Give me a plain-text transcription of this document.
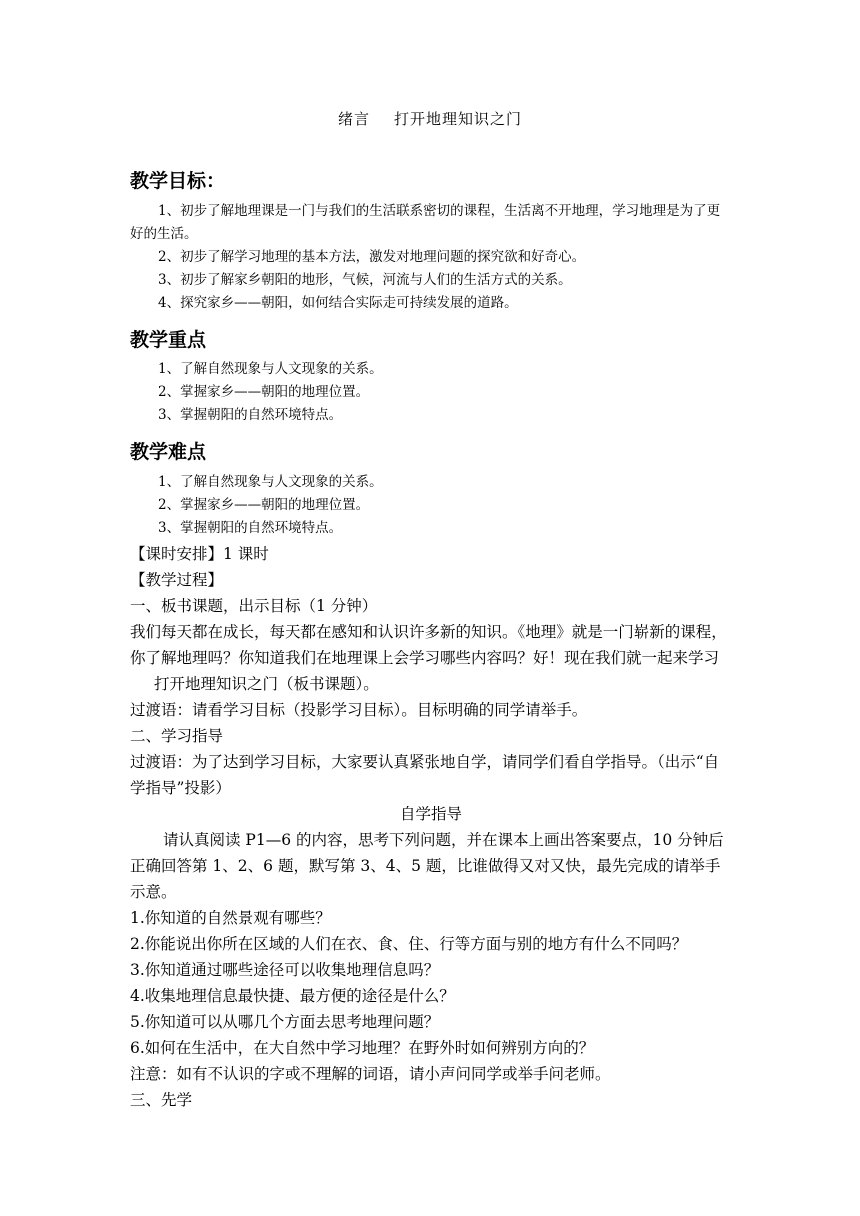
绪言 打开地理知识之门
教学目标：

1、初步了解地理课是一门与我们的生活联系密切的课程，生活离不开地理，学习地理是为了更好的生活。

2、初步了解学习地理的基本方法，激发对地理问题的探究欲和好奇心。

3、初步了解家乡朝阳的地形，气候，河流与人们的生活方式的关系。

4、探究家乡——朝阳，如何结合实际走可持续发展的道路。

教学重点

1、了解自然现象与人文现象的关系。

2、掌握家乡——朝阳的地理位置。

3、掌握朝阳的自然环境特点。

教学难点

1、了解自然现象与人文现象的关系。

2、掌握家乡——朝阳的地理位置。

3、掌握朝阳的自然环境特点。

【课时安排】1 课时

【教学过程】

一、板书课题，出示目标（1 分钟）

我们每天都在成长，每天都在感知和认识许多新的知识。《地理》就是一门崭新的课程，你了解地理吗？你知道我们在地理课上会学习哪些内容吗？好！现在我们就一起来学习打开地理知识之门（板书课题）。

过渡语：请看学习目标（投影学习目标）。目标明确的同学请举手。

二、学习指导

过渡语：为了达到学习目标，大家要认真紧张地自学，请同学们看自学指导。（出示“自学指导”投影）

自学指导

请认真阅读 P1—6 的内容，思考下列问题，并在课本上画出答案要点，10 分钟后正确回答第 1、2、6 题，默写第 3、4、5 题，比谁做得又对又快，最先完成的请举手示意。

1.你知道的自然景观有哪些？

2.你能说出你所在区域的人们在衣、食、住、行等方面与别的地方有什么不同吗？

3.你知道通过哪些途径可以收集地理信息吗？

4.收集地理信息最快捷、最方便的途径是什么？

5.你知道可以从哪几个方面去思考地理问题？

6.如何在生活中，在大自然中学习地理？在野外时如何辨别方向的？

注意：如有不认识的字或不理解的词语，请小声问同学或举手问老师。

三、先学
